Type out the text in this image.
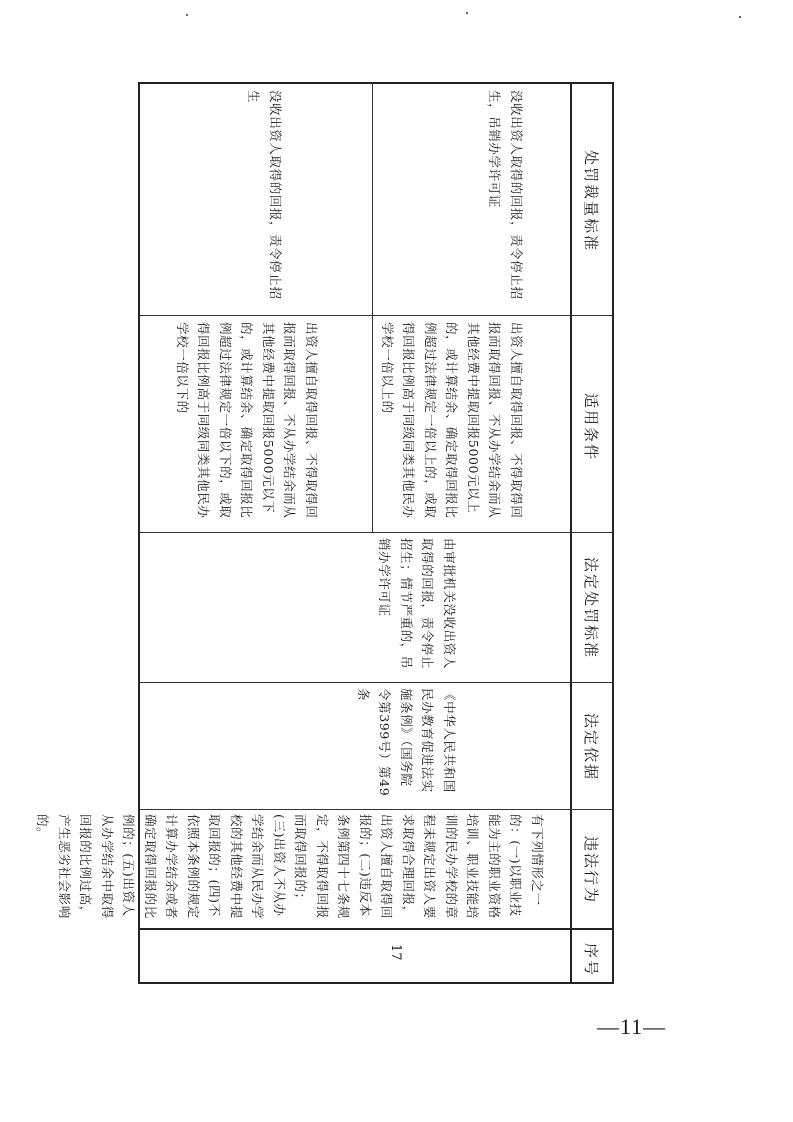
序号
违法行为
法定依据
法定处罚标准
适用条件
处罚裁量标准
17
有下列情形之一的：(一)以职业技能为主的职业资格培训、职业技能培训的民办学校的章程未规定出资人要求取得合理回报，出资人擅自取得回报的；(二)违反本条例第四十七条规定，不得取得回报而取得回报的；(三)出资人不从办学结余而从民办学校的其他经费中提取回报的；(四)不依照本条例的规定计算办学结余或者确定取得回报的比例的；(五)出资人从办学结余中取得回报的比例过高，产生恶劣社会影响的。
《中华人民共和国民办教育促进法实施条例》（国务院令第399号）第49条
由审批机关没收出资人取得的回报，责令停止招生；情节严重的，吊销办学许可证
出资人擅自取得回报、不得取得回报而取得回报、不从办学结余而从其他经费中提取回报5000元以下的，或计算结余、确定取得回报比例超过法律规定一倍以下的，或取得回报比例高于同级同类其他民办学校一倍以下的
没收出资人取得的回报，责令停止招生
出资人擅自取得回报、不得取得回报而取得回报、不从办学结余而从其他经费中提取回报5000元以上的，或计算结余、确定取得回报比例超过法律规定一倍以上的，或取得回报比例高于同级同类其他民办学校一倍以上的
没收出资人取得的回报，责令停止招生，吊销办学许可证
—11—
